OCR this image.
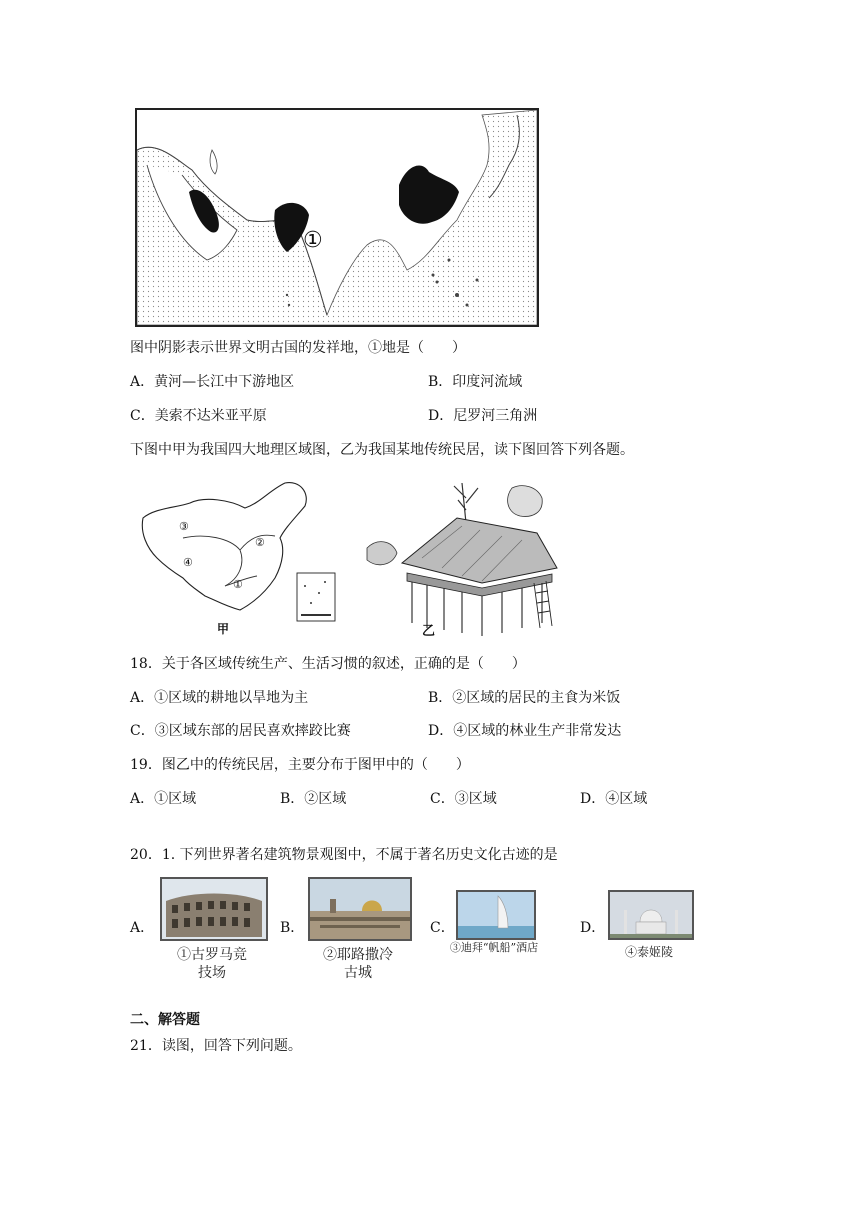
①
图中阴影表示世界文明古国的发祥地，①地是（　　）
A．黄河—长江中下游地区	B．印度河流域
C．美索不达米亚平原	D．尼罗河三角洲
下图中甲为我国四大地理区域图，乙为我国某地传统民居，读下图回答下列各题。
①
②
③
④
甲	乙
18．关于各区域传统生产、生活习惯的叙述，正确的是（　　）
A．①区域的耕地以旱地为主	B．②区域的居民的主食为米饭
C．③区域东部的居民喜欢摔跤比赛	D．④区域的林业生产非常发达
19．图乙中的传统民居，主要分布于图甲中的（　　）
A．①区域	B．②区域	C．③区域	D．④区域
20．1. 下列世界著名建筑物景观图中，不属于著名历史文化古迹的是
A．
①古罗马竞技场
B．
②耶路撒冷古城
C．
③迪拜“帆船”酒店
D．
④泰姬陵
二、解答题
21．读图，回答下列问题。
